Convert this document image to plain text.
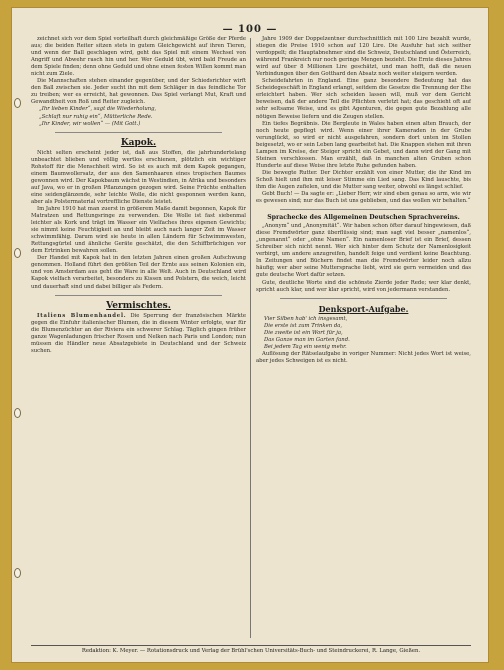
— 100 —

zeichnet sich vor dem Spiel vorteilhaft durch gleichmäßige Größe der Pferde aus; die beiden Reiter sitzen stets in gutem Gleichgewicht auf ihren Tieren, und wenn der Ball geschlagen wird, geht das Spiel mit einem Wechsel von Angriff und Abwehr rasch hin und her. Wer Geduld übt, wird bald Freude an dem Spiele finden; denn ohne Geduld und ohne einen festen Willen kommt man nicht zum Ziele.

Die Mannschaften stehen einander gegenüber, und der Schiedsrichter wirft den Ball zwischen sie. Jeder sucht ihn mit dem Schläger in das feindliche Tor zu treiben; wer es erreicht, hat gewonnen. Das Spiel verlangt Mut, Kraft und Gewandtheit von Roß und Reiter zugleich.

„Ihr lieben Kinder“, sagt die Wiederholung,

„Schlaft nur ruhig ein“, Mütterliche Rede.

„Ihr Kinder, wir wollen“ — (Mit Gott.)

Kapok.

Nicht selten erscheint jeder ist, daß aus Stoffen, die jahrhundertelang unbeachtet blieben und völlig wertlos erschienen, plötzlich ein wichtiger Rohstoff für die Menschheit wird. So ist es auch mit dem Kapok gegangen, einem Baumwollersatz, der aus den Samenhaaren eines tropischen Baumes gewonnen wird. Der Kapokbaum wächst in Westindien, in Afrika und besonders auf Java, wo er in großen Pflanzungen gezogen wird. Seine Früchte enthalten eine seidenglänzende, sehr leichte Wolle, die nicht gesponnen werden kann, aber als Polstermaterial vortreffliche Dienste leistet.

Im Jahre 1910 hat man zuerst in größerem Maße damit begonnen, Kapok für Matratzen und Rettungsringe zu verwenden. Die Wolle ist fast siebenmal leichter als Kork und trägt im Wasser ein Vielfaches ihres eigenen Gewichts; sie nimmt keine Feuchtigkeit an und bleibt auch nach langer Zeit im Wasser schwimmfähig. Darum wird sie heute in allen Ländern für Schwimmwesten, Rettungsgürtel und ähnliche Geräte geschätzt, die den Schiffbrüchigen vor dem Ertrinken bewahren sollen.

Der Handel mit Kapok hat in den letzten Jahren einen großen Aufschwung genommen. Holland führt den größten Teil der Ernte aus seinen Kolonien ein, und von Amsterdam aus geht die Ware in alle Welt. Auch in Deutschland wird Kapok vielfach verarbeitet, besonders zu Kissen und Polstern, die weich, leicht und dauerhaft sind und dabei billiger als Federn.

Vermischtes.

Italiens Blumenhandel. Die Sperrung der französischen Märkte gegen die Einfuhr italienischer Blumen, die in diesem Winter erfolgte, war für die Blumenzüchter an der Riviera ein schwerer Schlag. Täglich gingen früher ganze Wagenladungen frischer Rosen und Nelken nach Paris und London; nun müssen die Händler neue Absatzgebiete in Deutschland und der Schweiz suchen.

Jahre 1909 der Doppelzentner durchschnittlich mit 100 Lire bezahlt wurde, stiegen die Preise 1910 schon auf 120 Lire. Die Ausfuhr hat sich seither verdoppelt; die Hauptabnehmer sind die Schweiz, Deutschland und Österreich, während Frankreich nur noch geringe Mengen bezieht. Die Ernte dieses Jahres wird auf über 8 Millionen Lire geschätzt, und man hofft, daß die neuen Verbindungen über den Gotthard den Absatz noch weiter steigern werden.

Scheidefahrten in England. Eine ganz besondere Bedeutung hat das Scheidegeschäft in England erlangt, seitdem die Gesetze die Trennung der Ehe erleichtert haben. Wer sich scheiden lassen will, muß vor dem Gericht beweisen, daß der andere Teil die Pflichten verletzt hat; das geschieht oft auf sehr seltsame Weise, und es gibt Agenturen, die gegen gute Bezahlung alle nötigen Beweise liefern und die Zeugen stellen.

Ein tiefes Begräbnis. Die Bergleute in Wales haben einen alten Brauch, der noch heute gepflegt wird. Wenn einer ihrer Kameraden in der Grube verunglückt, so wird er nicht ausgefahren, sondern dort unten im Stollen beigesetzt, wo er sein Leben lang gearbeitet hat. Die Knappen stehen mit ihren Lampen im Kreise, der Steiger spricht ein Gebet, und dann wird der Gang mit Steinen verschlossen. Man erzählt, daß in manchen alten Gruben schon Hunderte auf diese Weise ihre letzte Ruhe gefunden haben.

Die bewegte Rutter. Der Dichter erzählt von einer Mutter, die ihr Kind im Schoß hielt und ihm mit leiser Stimme ein Lied sang. Das Kind lauschte, bis ihm die Augen zufielen, und die Mutter sang weiter, obwohl es längst schlief.

Gebt Buch! — Da sagte er: „Lieber Herr, wir sind eben genau so arm, wie wir es gewesen sind; nur das Buch ist uns geblieben, und das wollen wir behalten.“

Sprachecke des Allgemeinen Deutschen Sprachvereins.

„Anonym“ und „Anonymität“. Wir haben schon öfter darauf hingewiesen, daß diese Fremdwörter ganz überflüssig sind; man sagt viel besser „namenlos“, „ungenannt“ oder „ohne Namen“. Ein namenloser Brief ist ein Brief, dessen Schreiber sich nicht nennt. Wer sich hinter dem Schutz der Namenlosigkeit verbirgt, um andere anzugreifen, handelt feige und verdient keine Beachtung. In Zeitungen und Büchern findet man die Fremdwörter leider noch allzu häufig; wer aber seine Muttersprache liebt, wird sie gern vermeiden und das gute deutsche Wort dafür setzen.

Gute, deutliche Worte sind die schönste Zierde jeder Rede; wer klar denkt, spricht auch klar, und wer klar spricht, wird von jedermann verstanden.

Denksport-Aufgabe.

Vier Silben hab' ich insgesamt,

Die erste ist zum Trinken da,

Die zweite ist ein Wort für ja,

Das Ganze man im Garten fand.

Bei jedem Tag ein wenig mehr.

Auflösung der Rätselaufgabe in voriger Nummer: Nicht jedes Wort ist weise, aber jedes Schweigen ist es nicht.

Redaktion: K. Meyer. — Rotationsdruck und Verlag der Brühl'schen Universitäts-Buch- und Steindruckerei, R. Lange, Gießen.
